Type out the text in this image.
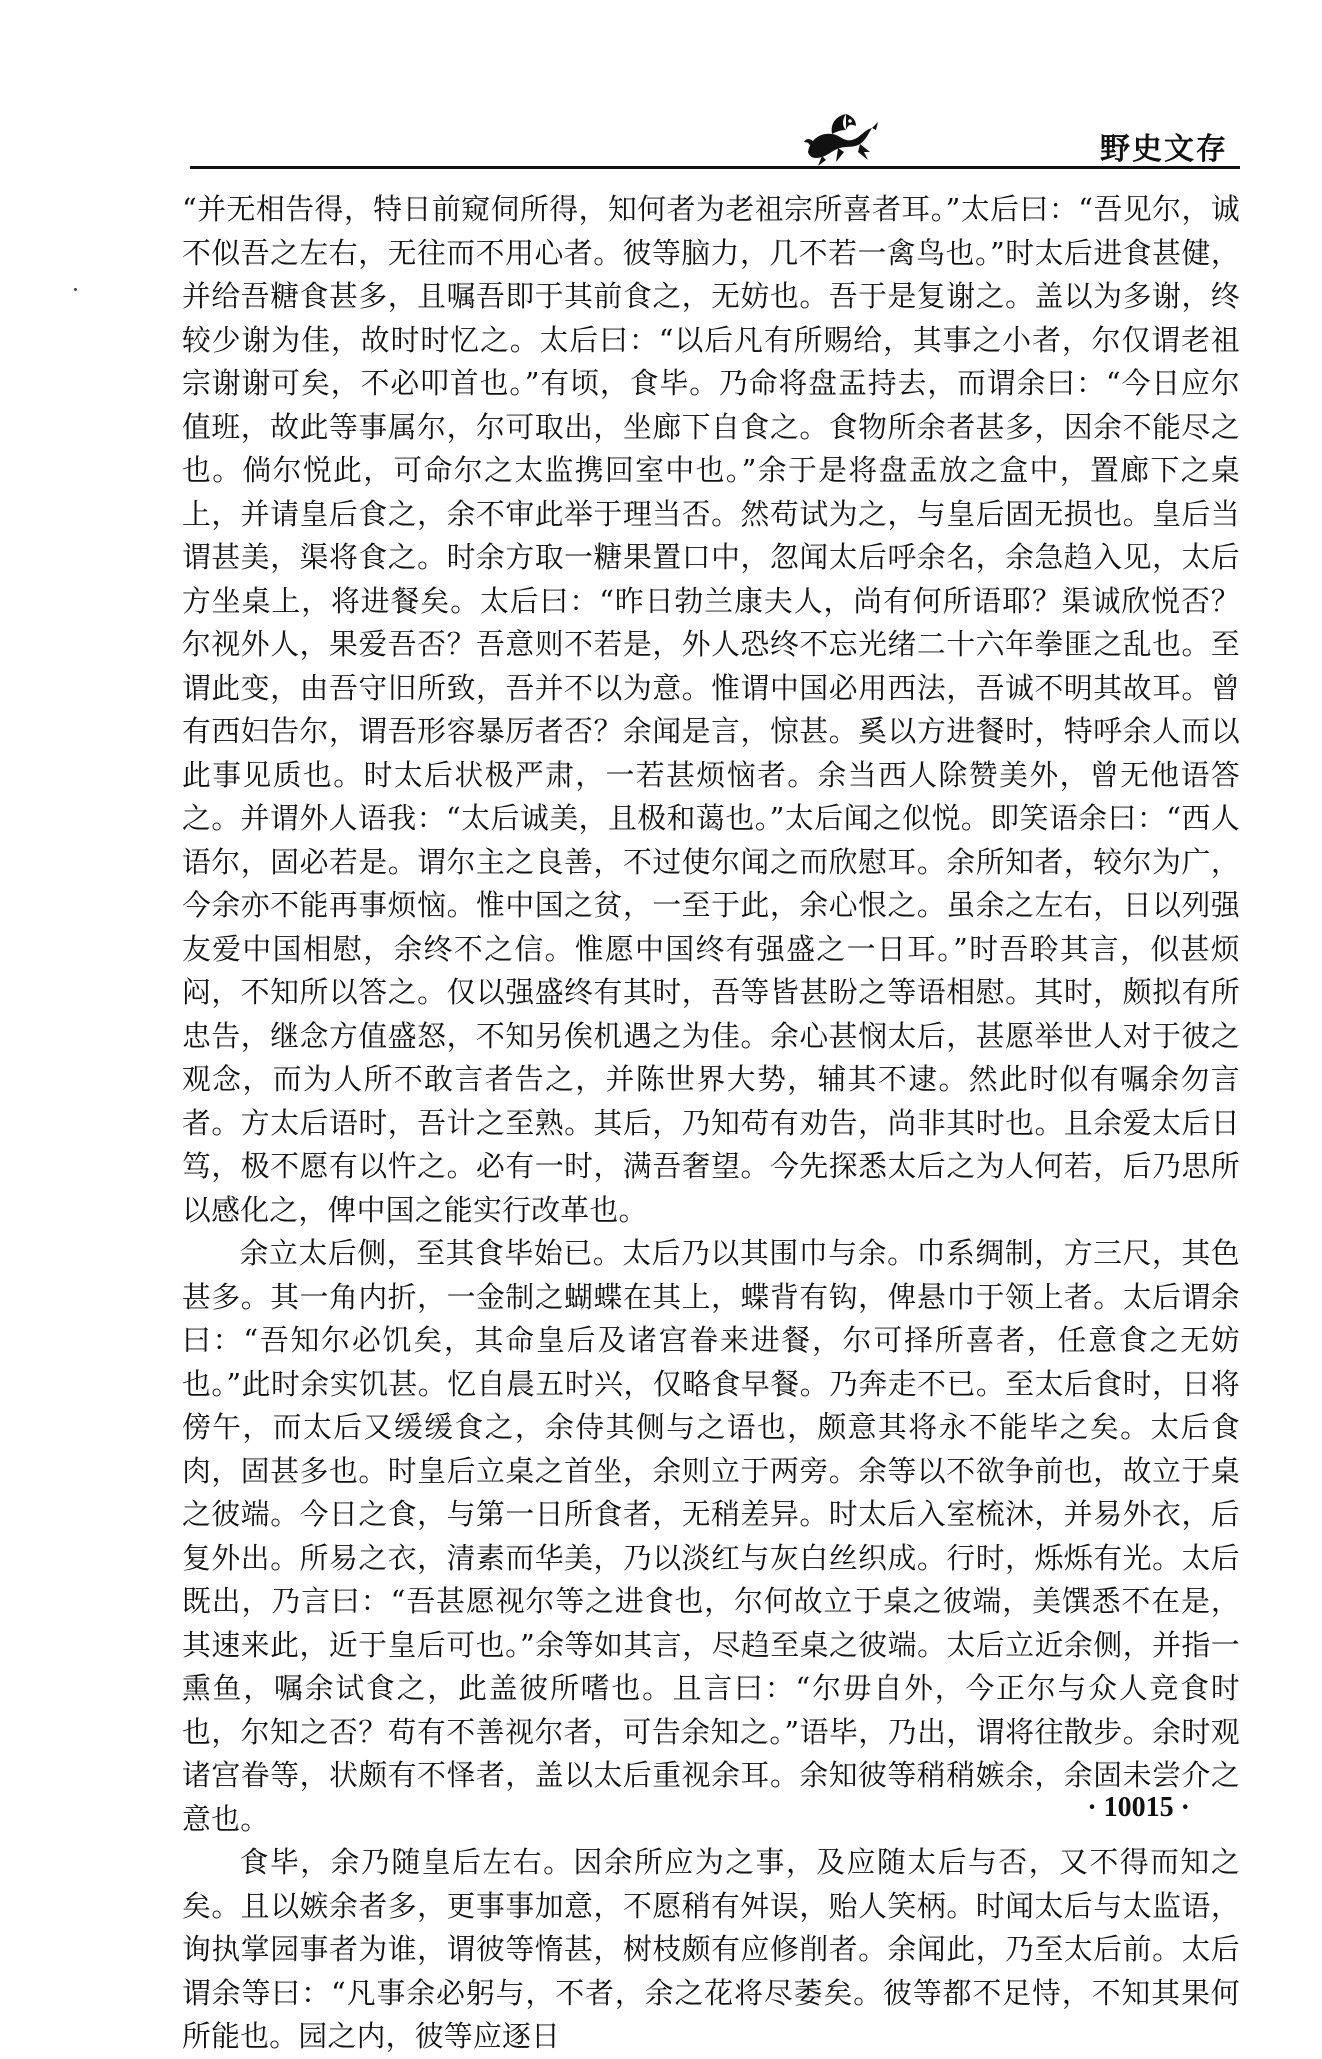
野史文存

“并无相告得，特日前窥伺所得，知何者为老祖宗所喜者耳。”太后曰：“吾见尔，诚不似吾之左右，无往而不用心者。彼等脑力，几不若一禽鸟也。”时太后进食甚健，并给吾糖食甚多，且嘱吾即于其前食之，无妨也。吾于是复谢之。盖以为多谢，终较少谢为佳，故时时忆之。太后曰：“以后凡有所赐给，其事之小者，尔仅谓老祖宗谢谢可矣，不必叩首也。”有顷，食毕。乃命将盘盂持去，而谓余曰：“今日应尔值班，故此等事属尔，尔可取出，坐廊下自食之。食物所余者甚多，因余不能尽之也。倘尔悦此，可命尔之太监携回室中也。”余于是将盘盂放之盒中，置廊下之桌上，并请皇后食之，余不审此举于理当否。然苟试为之，与皇后固无损也。皇后当谓甚美，渠将食之。时余方取一糖果置口中，忽闻太后呼余名，余急趋入见，太后方坐桌上，将进餐矣。太后曰：“昨日勃兰康夫人，尚有何所语耶？渠诚欣悦否？尔视外人，果爱吾否？吾意则不若是，外人恐终不忘光绪二十六年拳匪之乱也。至谓此变，由吾守旧所致，吾并不以为意。惟谓中国必用西法，吾诚不明其故耳。曾有西妇告尔，谓吾形容暴厉者否？余闻是言，惊甚。奚以方进餐时，特呼余人而以此事见质也。时太后状极严肃，一若甚烦恼者。余当西人除赞美外，曾无他语答之。并谓外人语我：“太后诚美，且极和蔼也。”太后闻之似悦。即笑语余曰：“西人语尔，固必若是。谓尔主之良善，不过使尔闻之而欣慰耳。余所知者，较尔为广，今余亦不能再事烦恼。惟中国之贫，一至于此，余心恨之。虽余之左右，日以列强友爱中国相慰，余终不之信。惟愿中国终有强盛之一日耳。”时吾聆其言，似甚烦闷，不知所以答之。仅以强盛终有其时，吾等皆甚盼之等语相慰。其时，颇拟有所忠告，继念方值盛怒，不知另俟机遇之为佳。余心甚悯太后，甚愿举世人对于彼之观念，而为人所不敢言者告之，并陈世界大势，辅其不逮。然此时似有嘱余勿言者。方太后语时，吾计之至熟。其后，乃知苟有劝告，尚非其时也。且余爱太后日笃，极不愿有以忤之。必有一时，满吾奢望。今先探悉太后之为人何若，后乃思所以感化之，俾中国之能实行改革也。

余立太后侧，至其食毕始已。太后乃以其围巾与余。巾系绸制，方三尺，其色甚多。其一角内折，一金制之蝴蝶在其上，蝶背有钩，俾悬巾于领上者。太后谓余曰：“吾知尔必饥矣，其命皇后及诸宫眷来进餐，尔可择所喜者，任意食之无妨也。”此时余实饥甚。忆自晨五时兴，仅略食早餐。乃奔走不已。至太后食时，日将傍午，而太后又缓缓食之，余侍其侧与之语也，颇意其将永不能毕之矣。太后食肉，固甚多也。时皇后立桌之首坐，余则立于两旁。余等以不欲争前也，故立于桌之彼端。今日之食，与第一日所食者，无稍差异。时太后入室梳沐，并易外衣，后复外出。所易之衣，清素而华美，乃以淡红与灰白丝织成。行时，烁烁有光。太后既出，乃言曰：“吾甚愿视尔等之进食也，尔何故立于桌之彼端，美馔悉不在是，其速来此，近于皇后可也。”余等如其言，尽趋至桌之彼端。太后立近余侧，并指一熏鱼，嘱余试食之，此盖彼所嗜也。且言曰：“尔毋自外，今正尔与众人竞食时也，尔知之否？苟有不善视尔者，可告余知之。”语毕，乃出，谓将往散步。余时观诸宫眷等，状颇有不怿者，盖以太后重视余耳。余知彼等稍稍嫉余，余固未尝介之意也。

食毕，余乃随皇后左右。因余所应为之事，及应随太后与否，又不得而知之矣。且以嫉余者多，更事事加意，不愿稍有舛误，贻人笑柄。时闻太后与太监语，询执掌园事者为谁，谓彼等惰甚，树枝颇有应修削者。余闻此，乃至太后前。太后谓余等曰：“凡事余必躬与，不者，余之花将尽萎矣。彼等都不足恃，不知其果何所能也。园之内，彼等应逐日

· 10015 ·
